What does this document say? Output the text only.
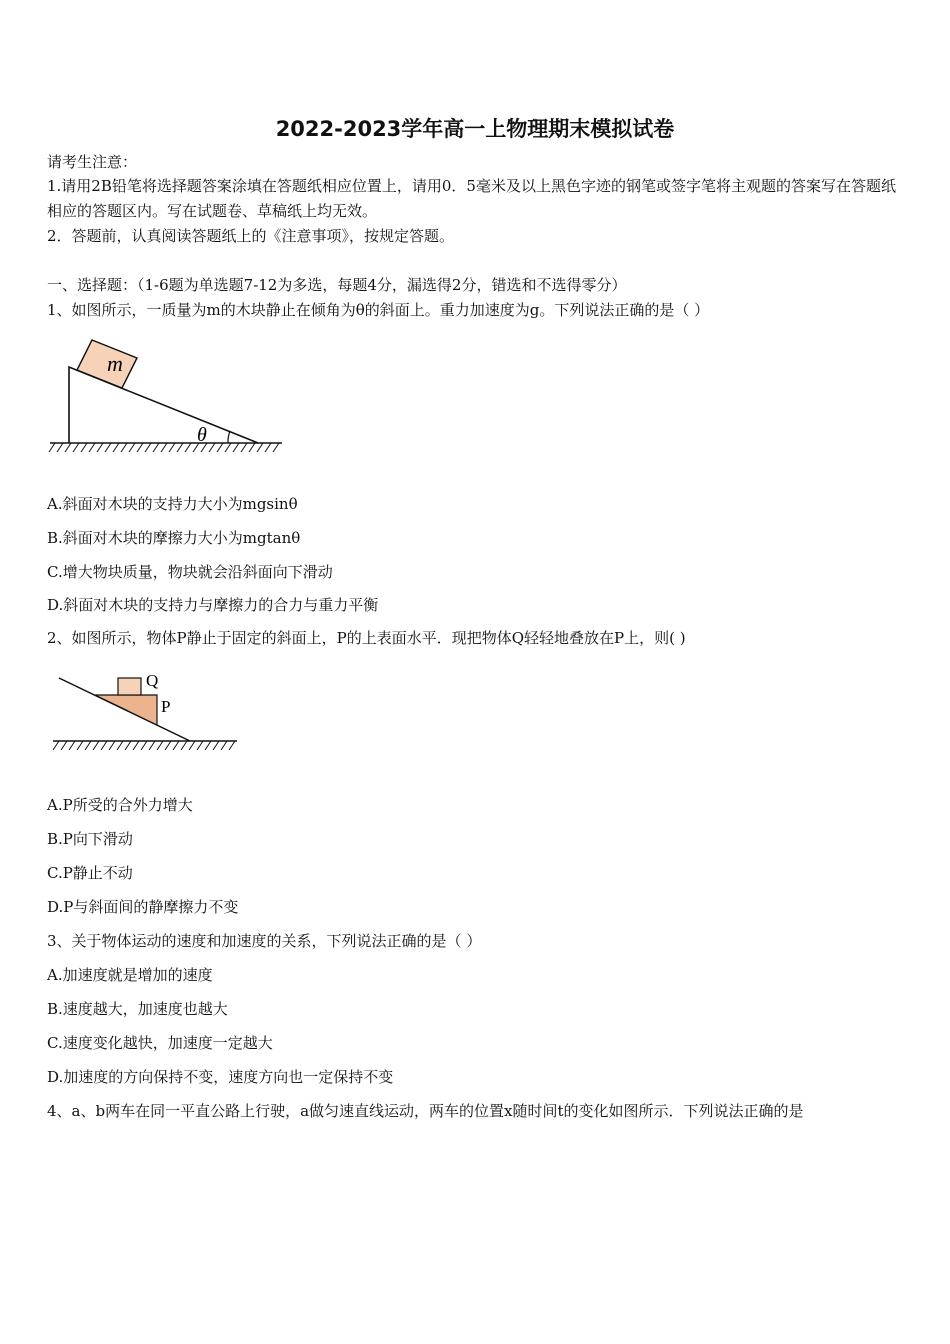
2022-2023学年高一上物理期末模拟试卷
请考生注意：
1.请用2B铅笔将选择题答案涂填在答题纸相应位置上，请用0．5毫米及以上黑色字迹的钢笔或签字笔将主观题的答案写在答题纸相应的答题区内。写在试题卷、草稿纸上均无效。
2．答题前，认真阅读答题纸上的《注意事项》，按规定答题。
一、选择题：（1-6题为单选题7-12为多选，每题4分，漏选得2分，错选和不选得零分）
1、如图所示，一质量为m的木块静止在倾角为θ的斜面上。重力加速度为g。下列说法正确的是（ ）
m
θ
A.斜面对木块的支持力大小为mgsinθ
B.斜面对木块的摩擦力大小为mgtanθ
C.增大物块质量，物块就会沿斜面向下滑动
D.斜面对木块的支持力与摩擦力的合力与重力平衡
2、如图所示，物体P静止于固定的斜面上，P的上表面水平．现把物体Q轻轻地叠放在P上，则( )
Q
P
A.P所受的合外力增大
B.P向下滑动
C.P静止不动
D.P与斜面间的静摩擦力不变
3、关于物体运动的速度和加速度的关系，下列说法正确的是（ ）
A.加速度就是增加的速度
B.速度越大，加速度也越大
C.速度变化越快，加速度一定越大
D.加速度的方向保持不变，速度方向也一定保持不变
4、a、b两车在同一平直公路上行驶，a做匀速直线运动，两车的位置x随时间t的变化如图所示．下列说法正确的是
